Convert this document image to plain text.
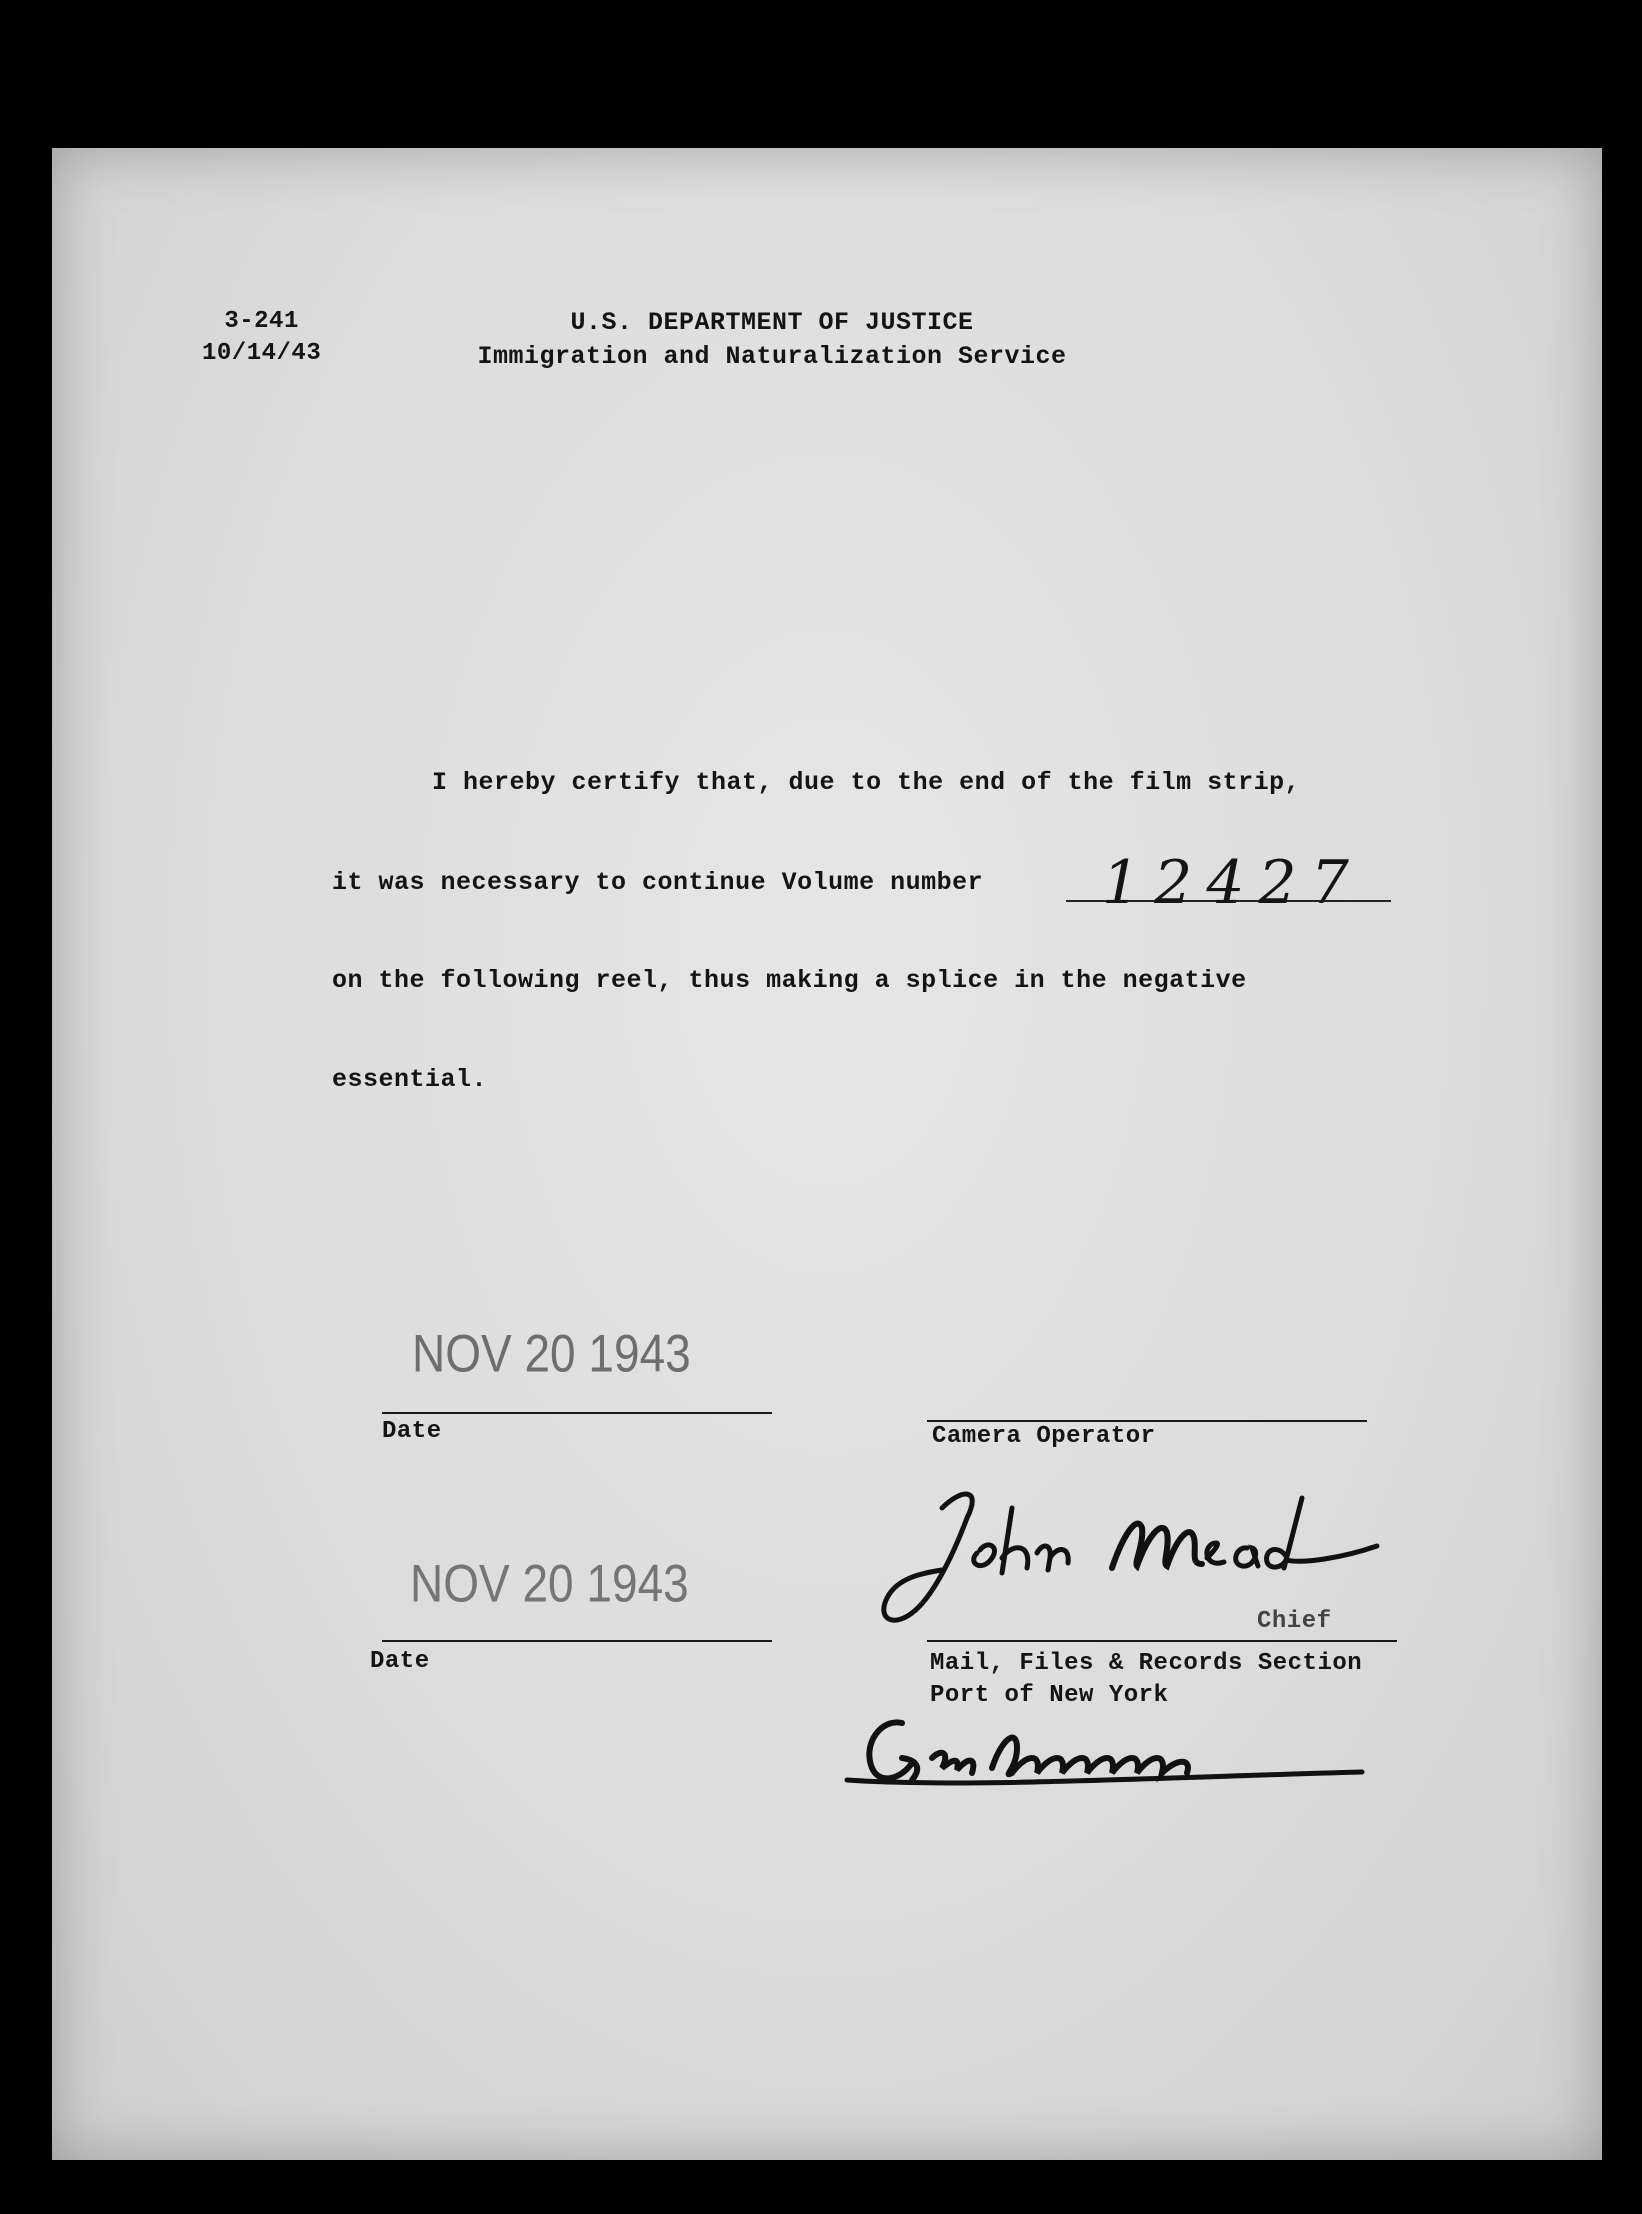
3-241
10/14/43
U.S. DEPARTMENT OF JUSTICE
Immigration and Naturalization Service
I hereby certify that, due to the end of the film strip,
it was necessary to continue Volume number 12427
on the following reel, thus making a splice in the negative
essential.
NOV 20 1943
Date	Camera Operator
NOV 20 1943
Date
Chief
Mail, Files & Records Section
Port of New York
